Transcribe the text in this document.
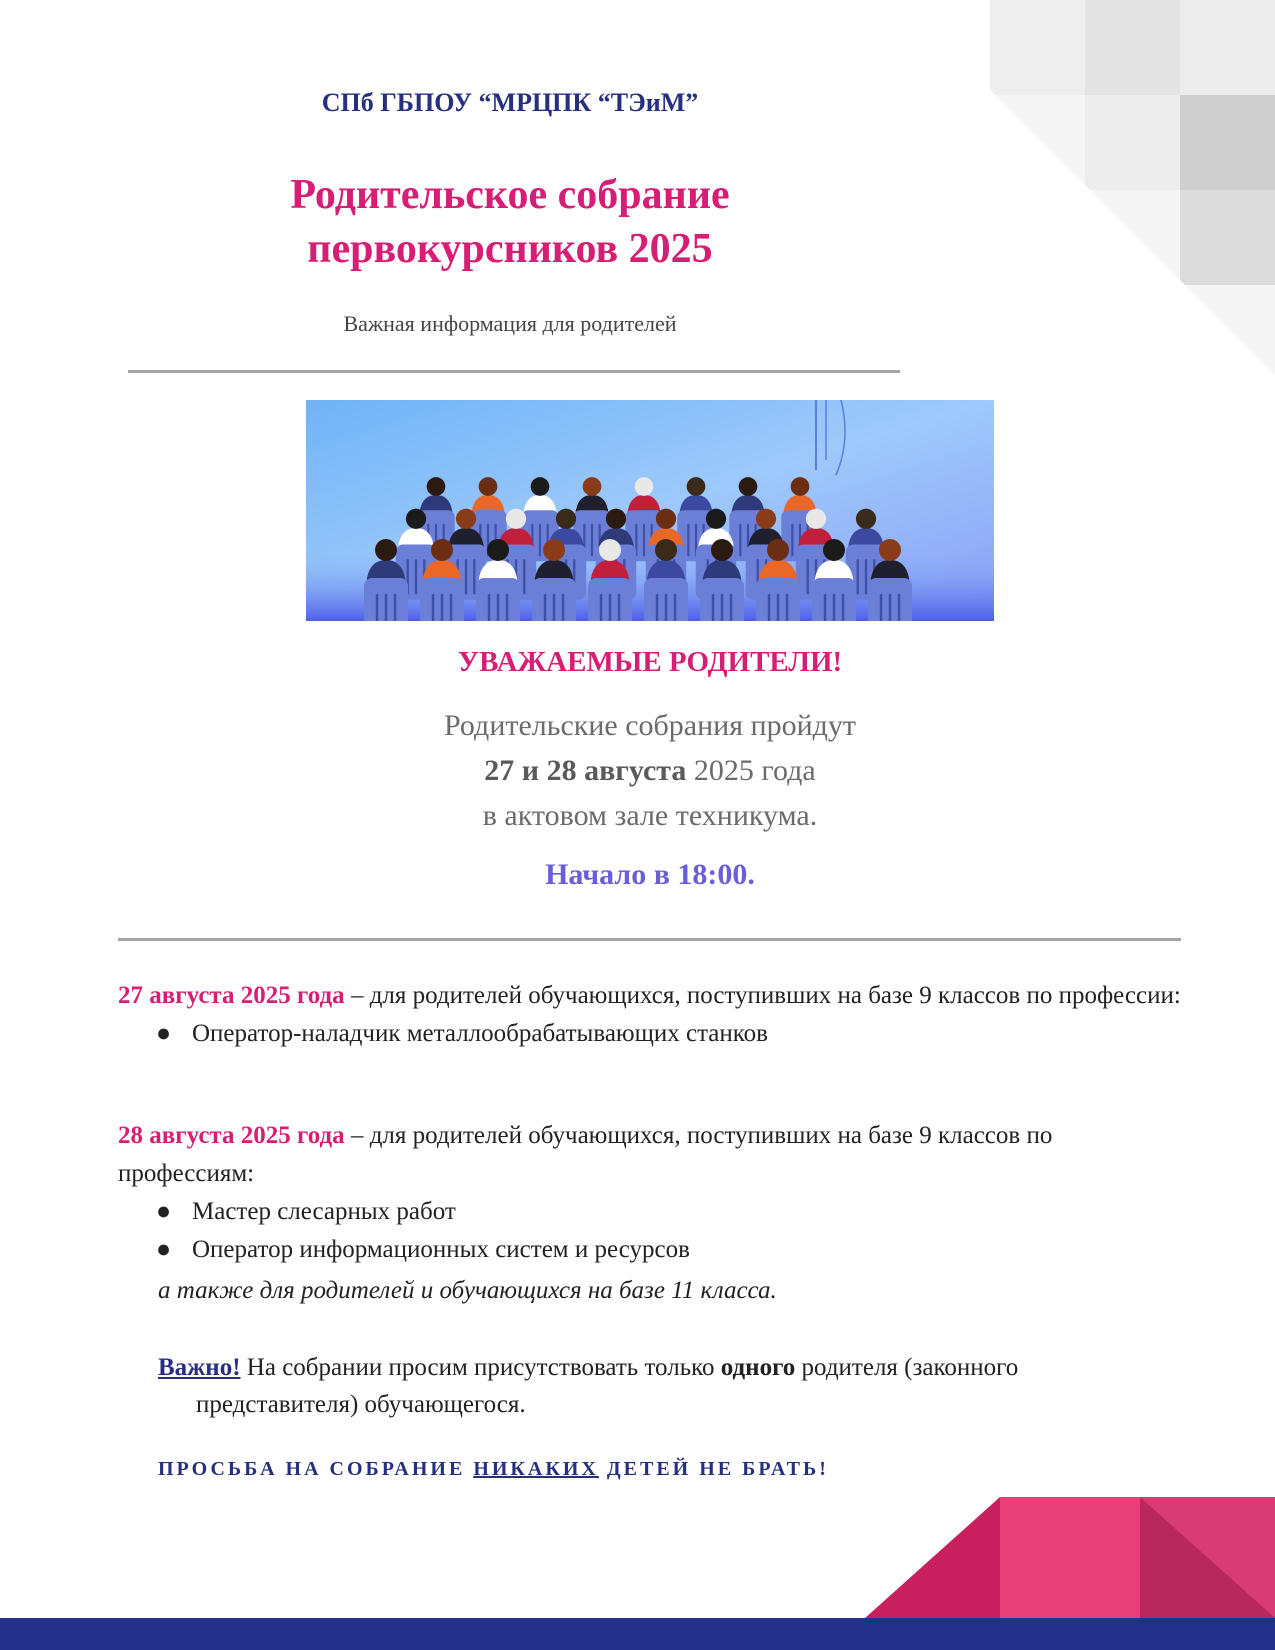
СПб ГБПОУ “МРЦПК “ТЭиМ”
Родительское собрание
первокурсников 2025
Важная информация для родителей
УВАЖАЕМЫЕ РОДИТЕЛИ!
Родительские собрания пройдут
27 и 28 августа 2025 года
в актовом зале техникума.
Начало в 18:00.
27 августа 2025 года – для родителей обучающихся, поступивших на базе 9 классов по профессии:
● Оператор-наладчик металлообрабатывающих станков
28 августа 2025 года – для родителей обучающихся, поступивших на базе 9 классов по профессиям:
● Мастер слесарных работ
● Оператор информационных систем и ресурсов
а также для родителей и обучающихся на базе 11 класса.
Важно! На собрании просим присутствовать только одного родителя (законного
представителя) обучающегося.
ПРОСЬБА НА СОБРАНИЕ НИКАКИХ ДЕТЕЙ НЕ БРАТЬ!
